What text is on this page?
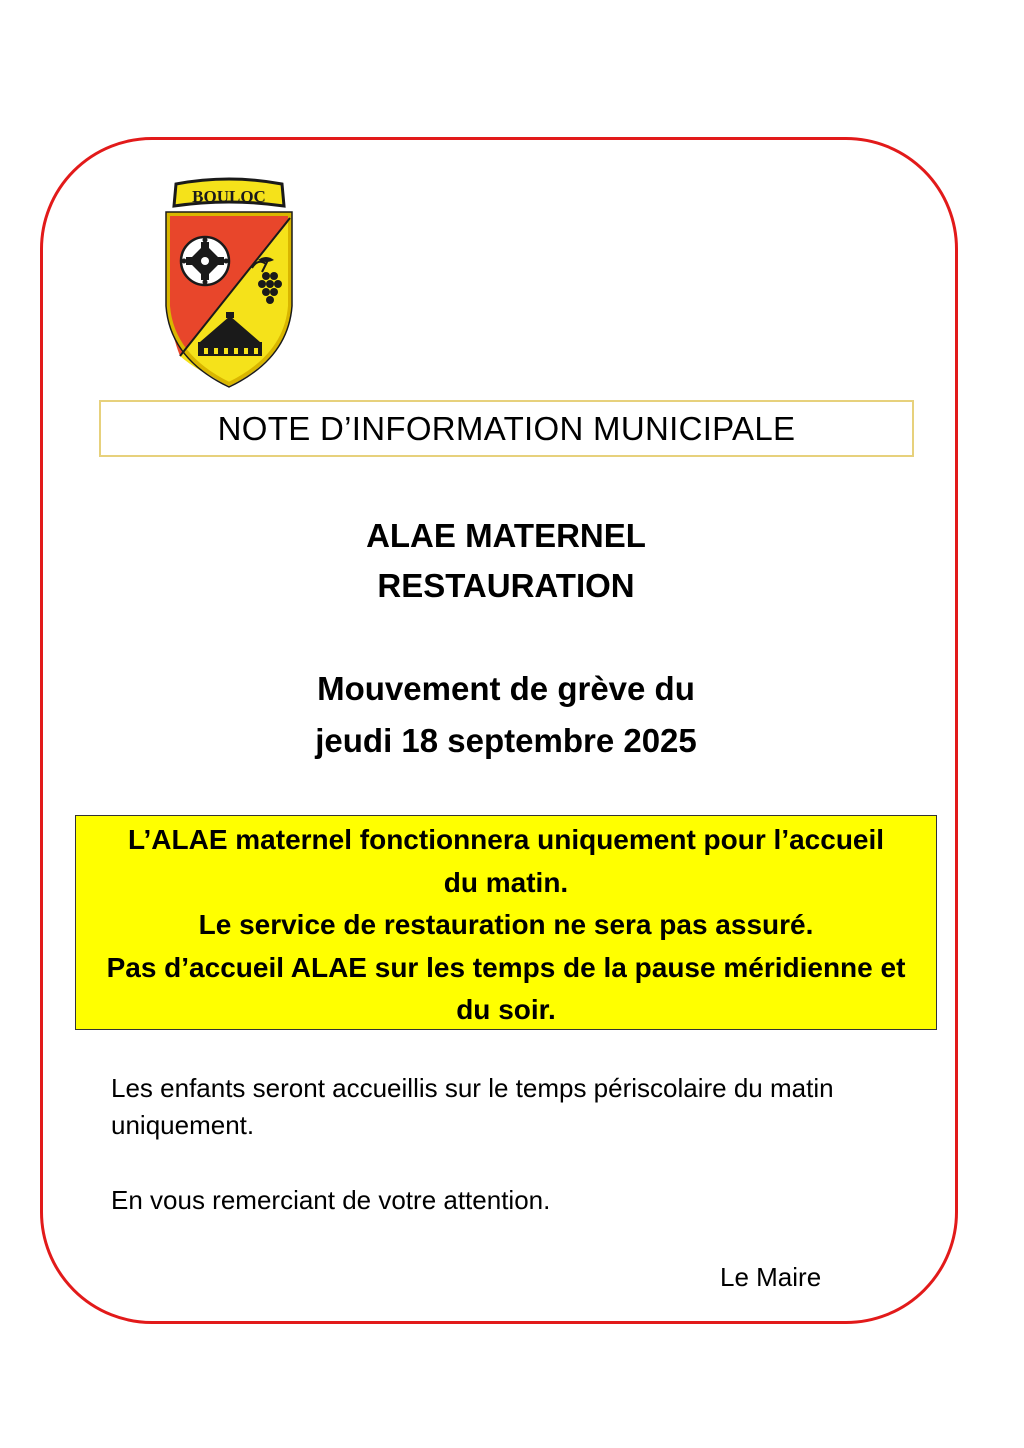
BOULOC
NOTE D’INFORMATION MUNICIPALE
ALAE MATERNEL
RESTAURATION
Mouvement de grève du
jeudi 18 septembre 2025
L’ALAE maternel fonctionnera uniquement pour l’accueil
du matin.
Le service de restauration ne sera pas assuré.
Pas d’accueil ALAE sur les temps de la pause méridienne et
du soir.
Les enfants seront accueillis sur le temps périscolaire du matin
uniquement.
En vous remerciant de votre attention.
Le Maire
